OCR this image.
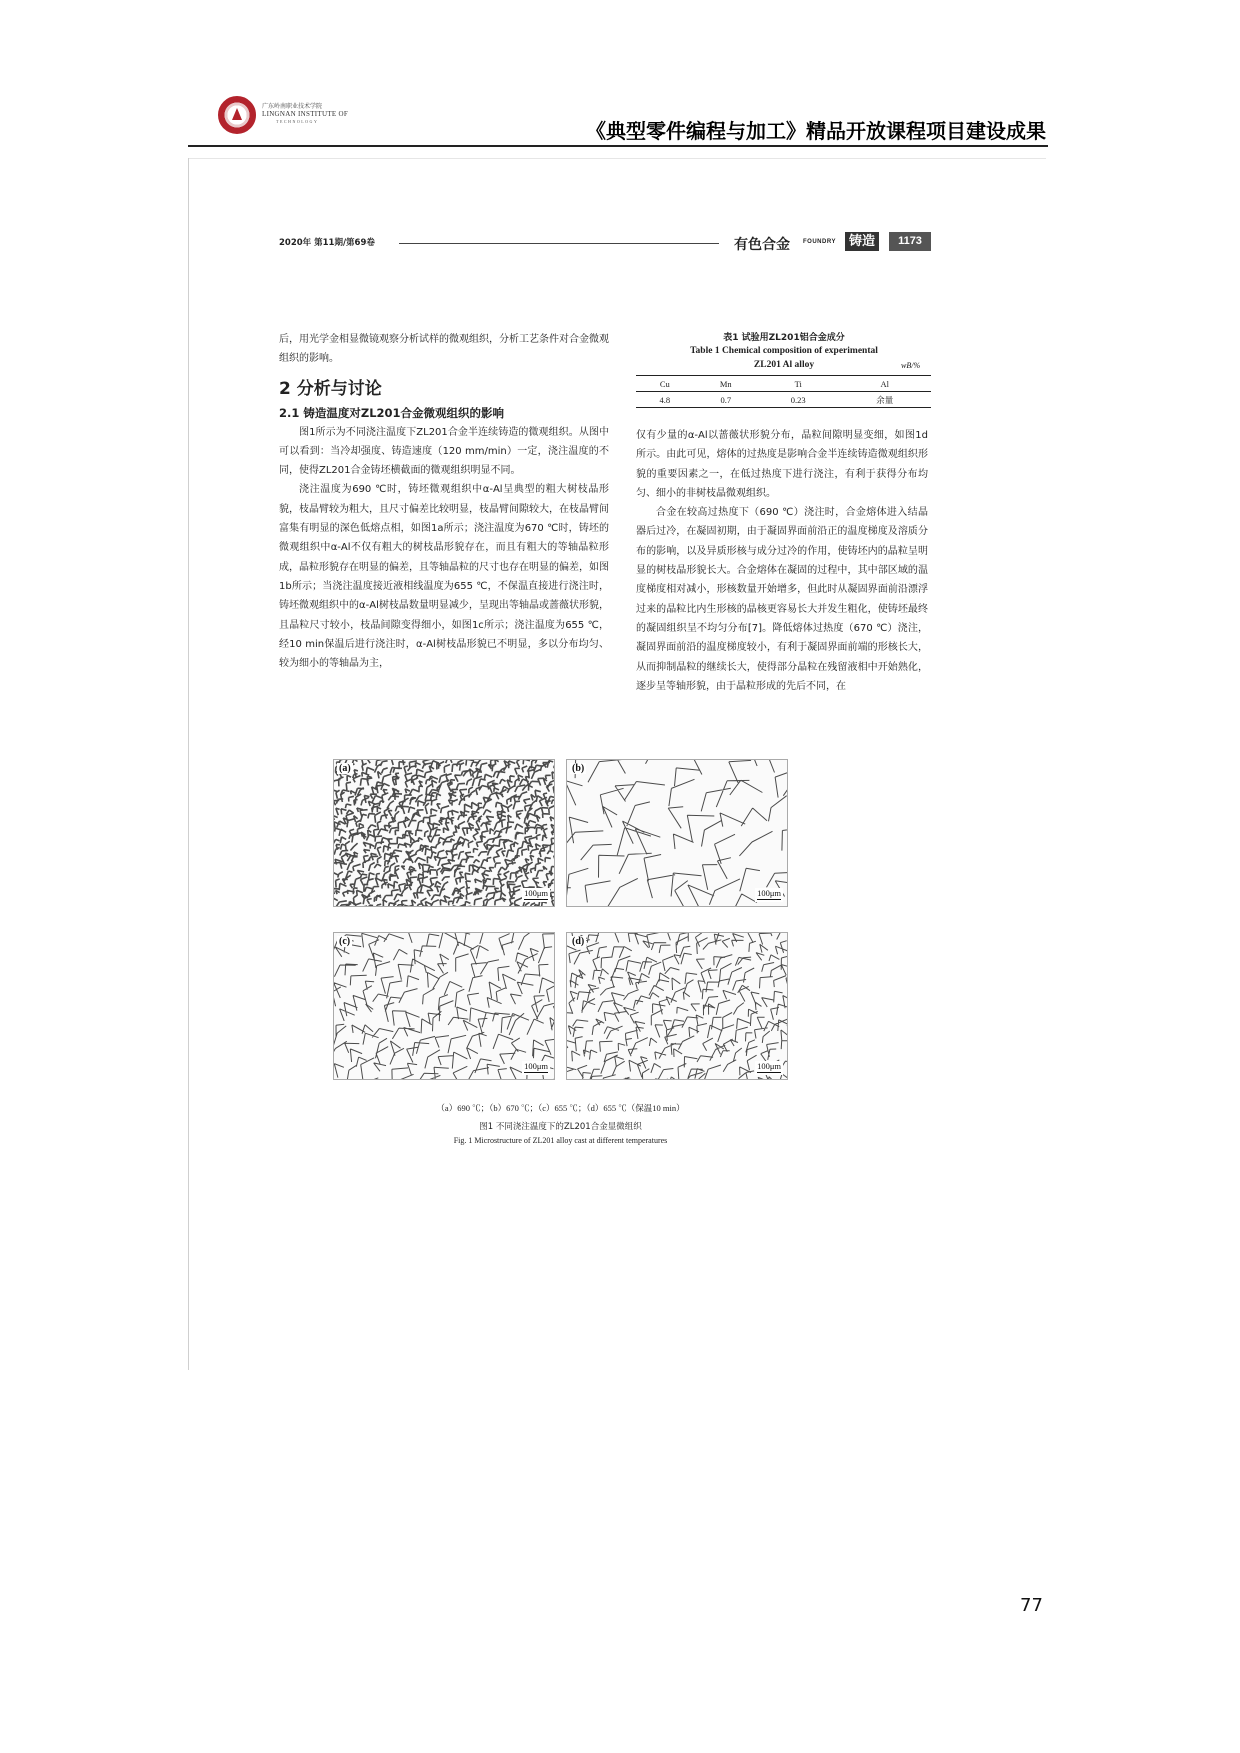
广东岭南职业技术学院
LINGNAN INSTITUTE OF
TECHNOLOGY	《典型零件编程与加工》精品开放课程项目建设成果
2020年 第11期/第69卷	有色合金 FOUNDRY	铸造	1173

后，用光学金相显微镜观察分析试样的微观组织，分析工艺条件对合金微观组织的影响。

2 分析与讨论
2.1 铸造温度对ZL201合金微观组织的影响

图1所示为不同浇注温度下ZL201合金半连续铸造的微观组织。从图中可以看到：当冷却强度、铸造速度（120 mm/min）一定，浇注温度的不同，使得ZL201合金铸坯横截面的微观组织明显不同。

浇注温度为690 ℃时，铸坯微观组织中α-Al呈典型的粗大树枝晶形貌，枝晶臂较为粗大，且尺寸偏差比较明显，枝晶臂间隙较大，在枝晶臂间富集有明显的深色低熔点相，如图1a所示；浇注温度为670 ℃时，铸坯的微观组织中α-Al不仅有粗大的树枝晶形貌存在，而且有粗大的等轴晶粒形成，晶粒形貌存在明显的偏差，且等轴晶粒的尺寸也存在明显的偏差，如图1b所示；当浇注温度接近液相线温度为655 ℃，不保温直接进行浇注时，铸坯微观组织中的α-Al树枝晶数量明显减少，呈现出等轴晶或蔷薇状形貌，且晶粒尺寸较小，枝晶间隙变得细小，如图1c所示；浇注温度为655 ℃，经10 min保温后进行浇注时，α-Al树枝晶形貌已不明显，多以分布均匀、较为细小的等轴晶为主，

表1 试验用ZL201铝合金成分
Table 1 Chemical composition of experimental
ZL201 Al alloy	wB/%
Cu	Mn	Ti	Al
4.8	0.7	0.23	余量

仅有少量的α-Al以蔷薇状形貌分布，晶粒间隙明显变细，如图1d所示。由此可见，熔体的过热度是影响合金半连续铸造微观组织形貌的重要因素之一，在低过热度下进行浇注，有利于获得分布均匀、细小的非树枝晶微观组织。

合金在较高过热度下（690 ℃）浇注时，合金熔体进入结晶器后过冷，在凝固初期，由于凝固界面前沿正的温度梯度及溶质分布的影响，以及异质形核与成分过冷的作用，使铸坯内的晶粒呈明显的树枝晶形貌长大。合金熔体在凝固的过程中，其中部区域的温度梯度相对减小，形核数量开始增多，但此时从凝固界面前沿漂浮过来的晶粒比内生形核的晶核更容易长大并发生粗化，使铸坯最终的凝固组织呈不均匀分布[7]。降低熔体过热度（670 ℃）浇注，凝固界面前沿的温度梯度较小，有利于凝固界面前端的形核长大，从而抑制晶粒的继续长大，使得部分晶粒在残留液相中开始熟化，逐步呈等轴形貌，由于晶粒形成的先后不同，在

(a)
100μm
(b)
100μm
(c)
100μm
(d)
100μm
（a）690 ℃；（b）670 ℃；（c）655 ℃；（d）655 ℃（保温10 min）
图1 不同浇注温度下的ZL201合金显微组织
Fig. 1 Microstructure of ZL201 alloy cast at different temperatures
77
